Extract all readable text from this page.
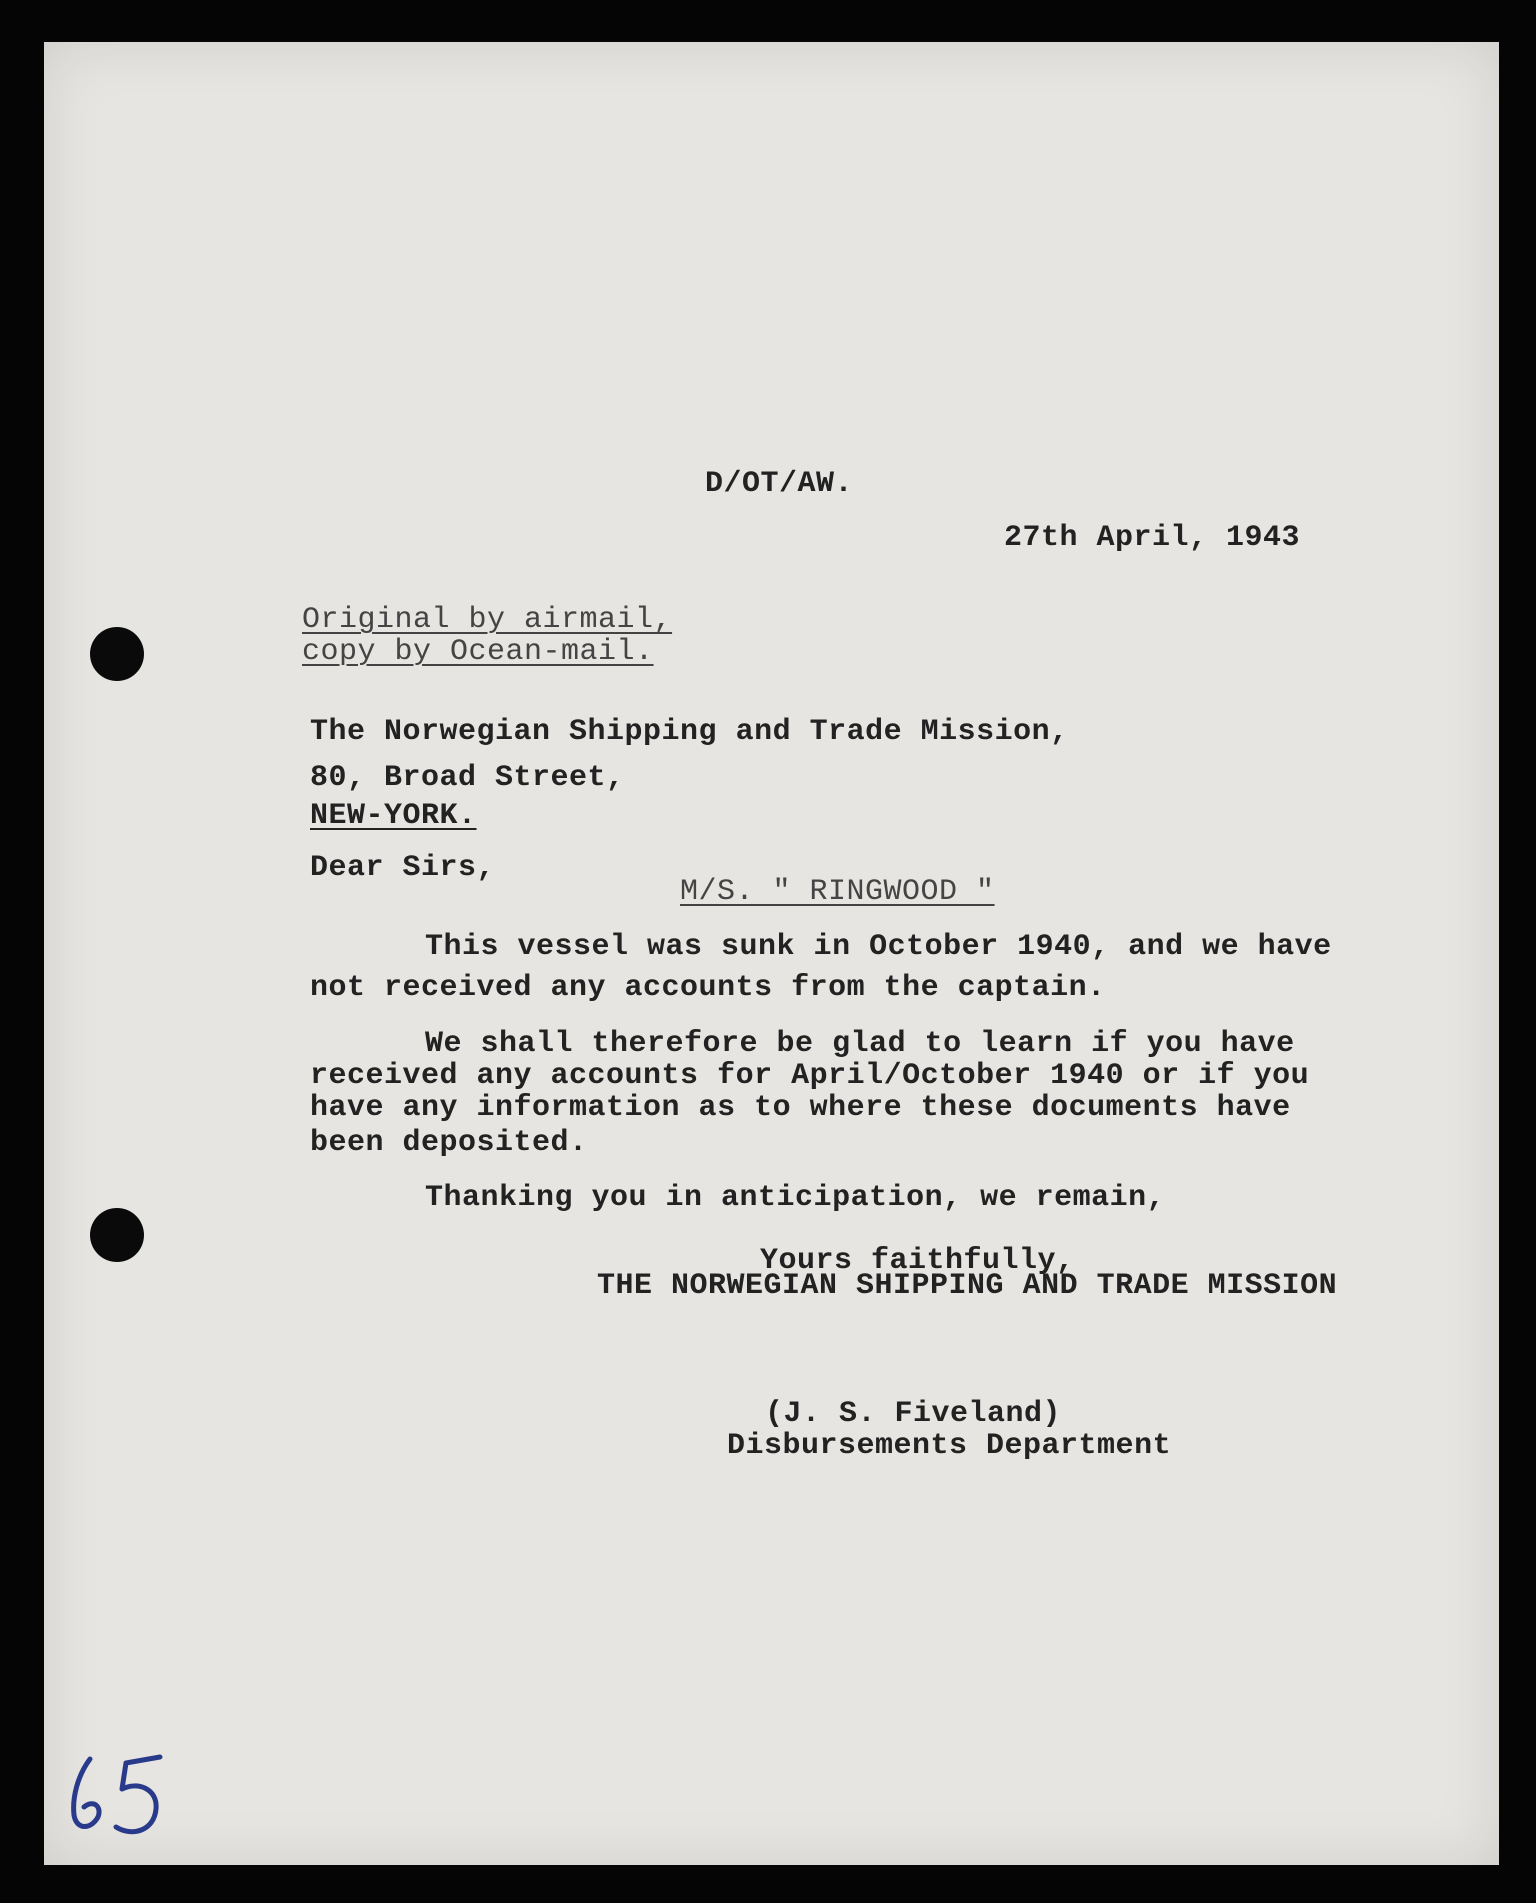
D/OT/AW.
27th April, 1943
Original by airmail,
copy by Ocean-mail.
The Norwegian Shipping and Trade Mission,
80, Broad Street,
NEW-YORK.
Dear Sirs,
M/S. " RINGWOOD "
This vessel was sunk in October 1940, and we have
not received any accounts from the captain.
We shall therefore be glad to learn if you have
received any accounts for April/October 1940 or if you
have any information as to where these documents have
been deposited.
Thanking you in anticipation, we remain,
Yours faithfully,
THE NORWEGIAN SHIPPING AND TRADE MISSION
(J. S. Fiveland)
Disbursements Department
